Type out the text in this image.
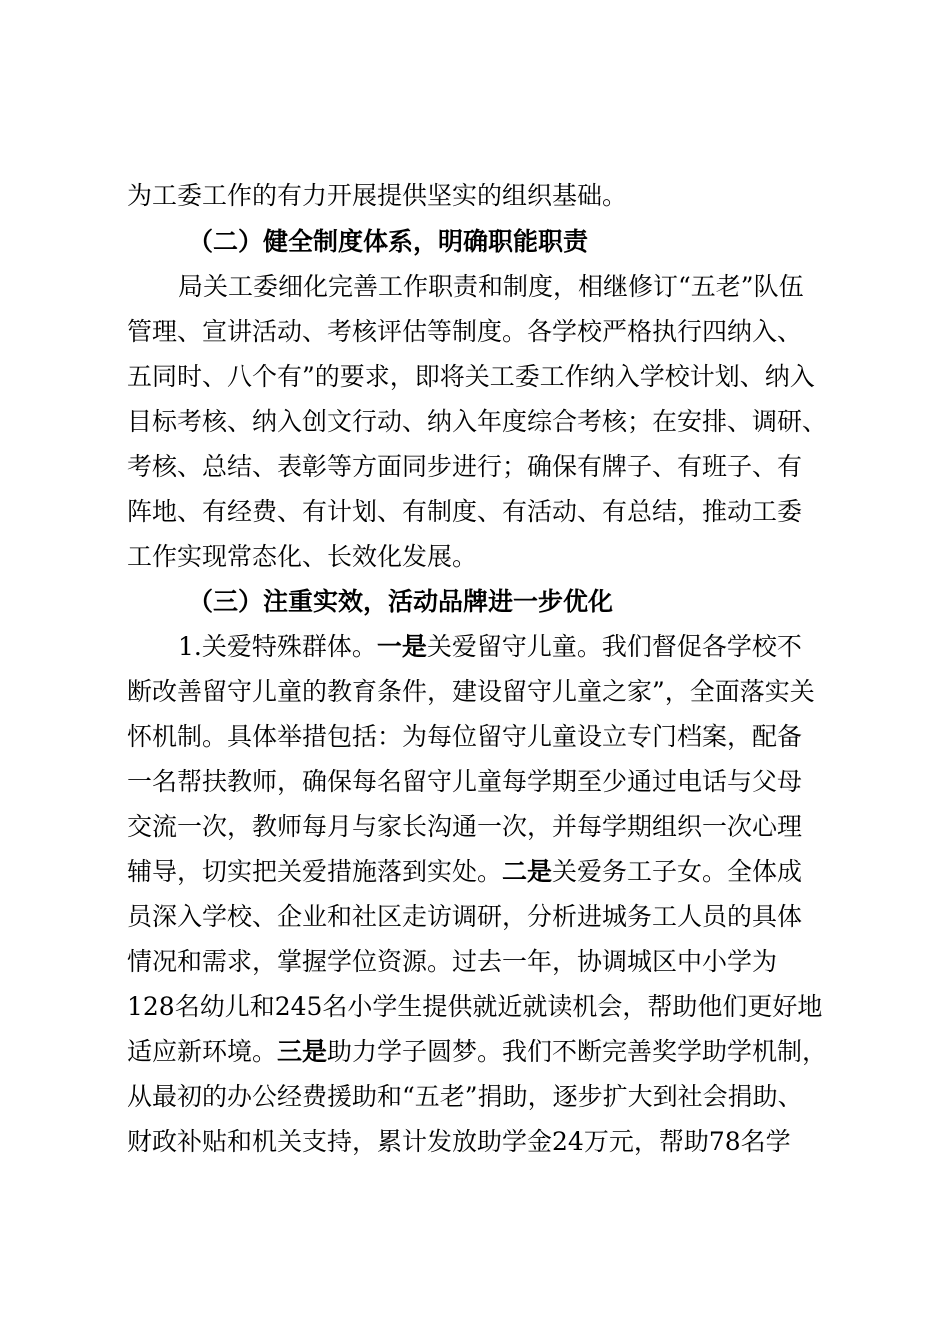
为工委工作的有力开展提供坚实的组织基础。
（二）健全制度体系，明确职能职责
局关工委细化完善工作职责和制度，相继修订“五老”队伍
管理、宣讲活动、考核评估等制度。各学校严格执行四纳入、
五同时、八个有”的要求，即将关工委工作纳入学校计划、纳入
目标考核、纳入创文行动、纳入年度综合考核；在安排、调研、
考核、总结、表彰等方面同步进行；确保有牌子、有班子、有
阵地、有经费、有计划、有制度、有活动、有总结，推动工委
工作实现常态化、长效化发展。
（三）注重实效，活动品牌进一步优化
1.关爱特殊群体。一是关爱留守儿童。我们督促各学校不
断改善留守儿童的教育条件，建设留守儿童之家”，全面落实关
怀机制。具体举措包括：为每位留守儿童设立专门档案，配备
一名帮扶教师，确保每名留守儿童每学期至少通过电话与父母
交流一次，教师每月与家长沟通一次，并每学期组织一次心理
辅导，切实把关爱措施落到实处。二是关爱务工子女。全体成
员深入学校、企业和社区走访调研，分析进城务工人员的具体
情况和需求，掌握学位资源。过去一年，协调城区中小学为
128名幼儿和245名小学生提供就近就读机会，帮助他们更好地
适应新环境。三是助力学子圆梦。我们不断完善奖学助学机制，
从最初的办公经费援助和“五老”捐助，逐步扩大到社会捐助、
财政补贴和机关支持，累计发放助学金24万元，帮助78名学
